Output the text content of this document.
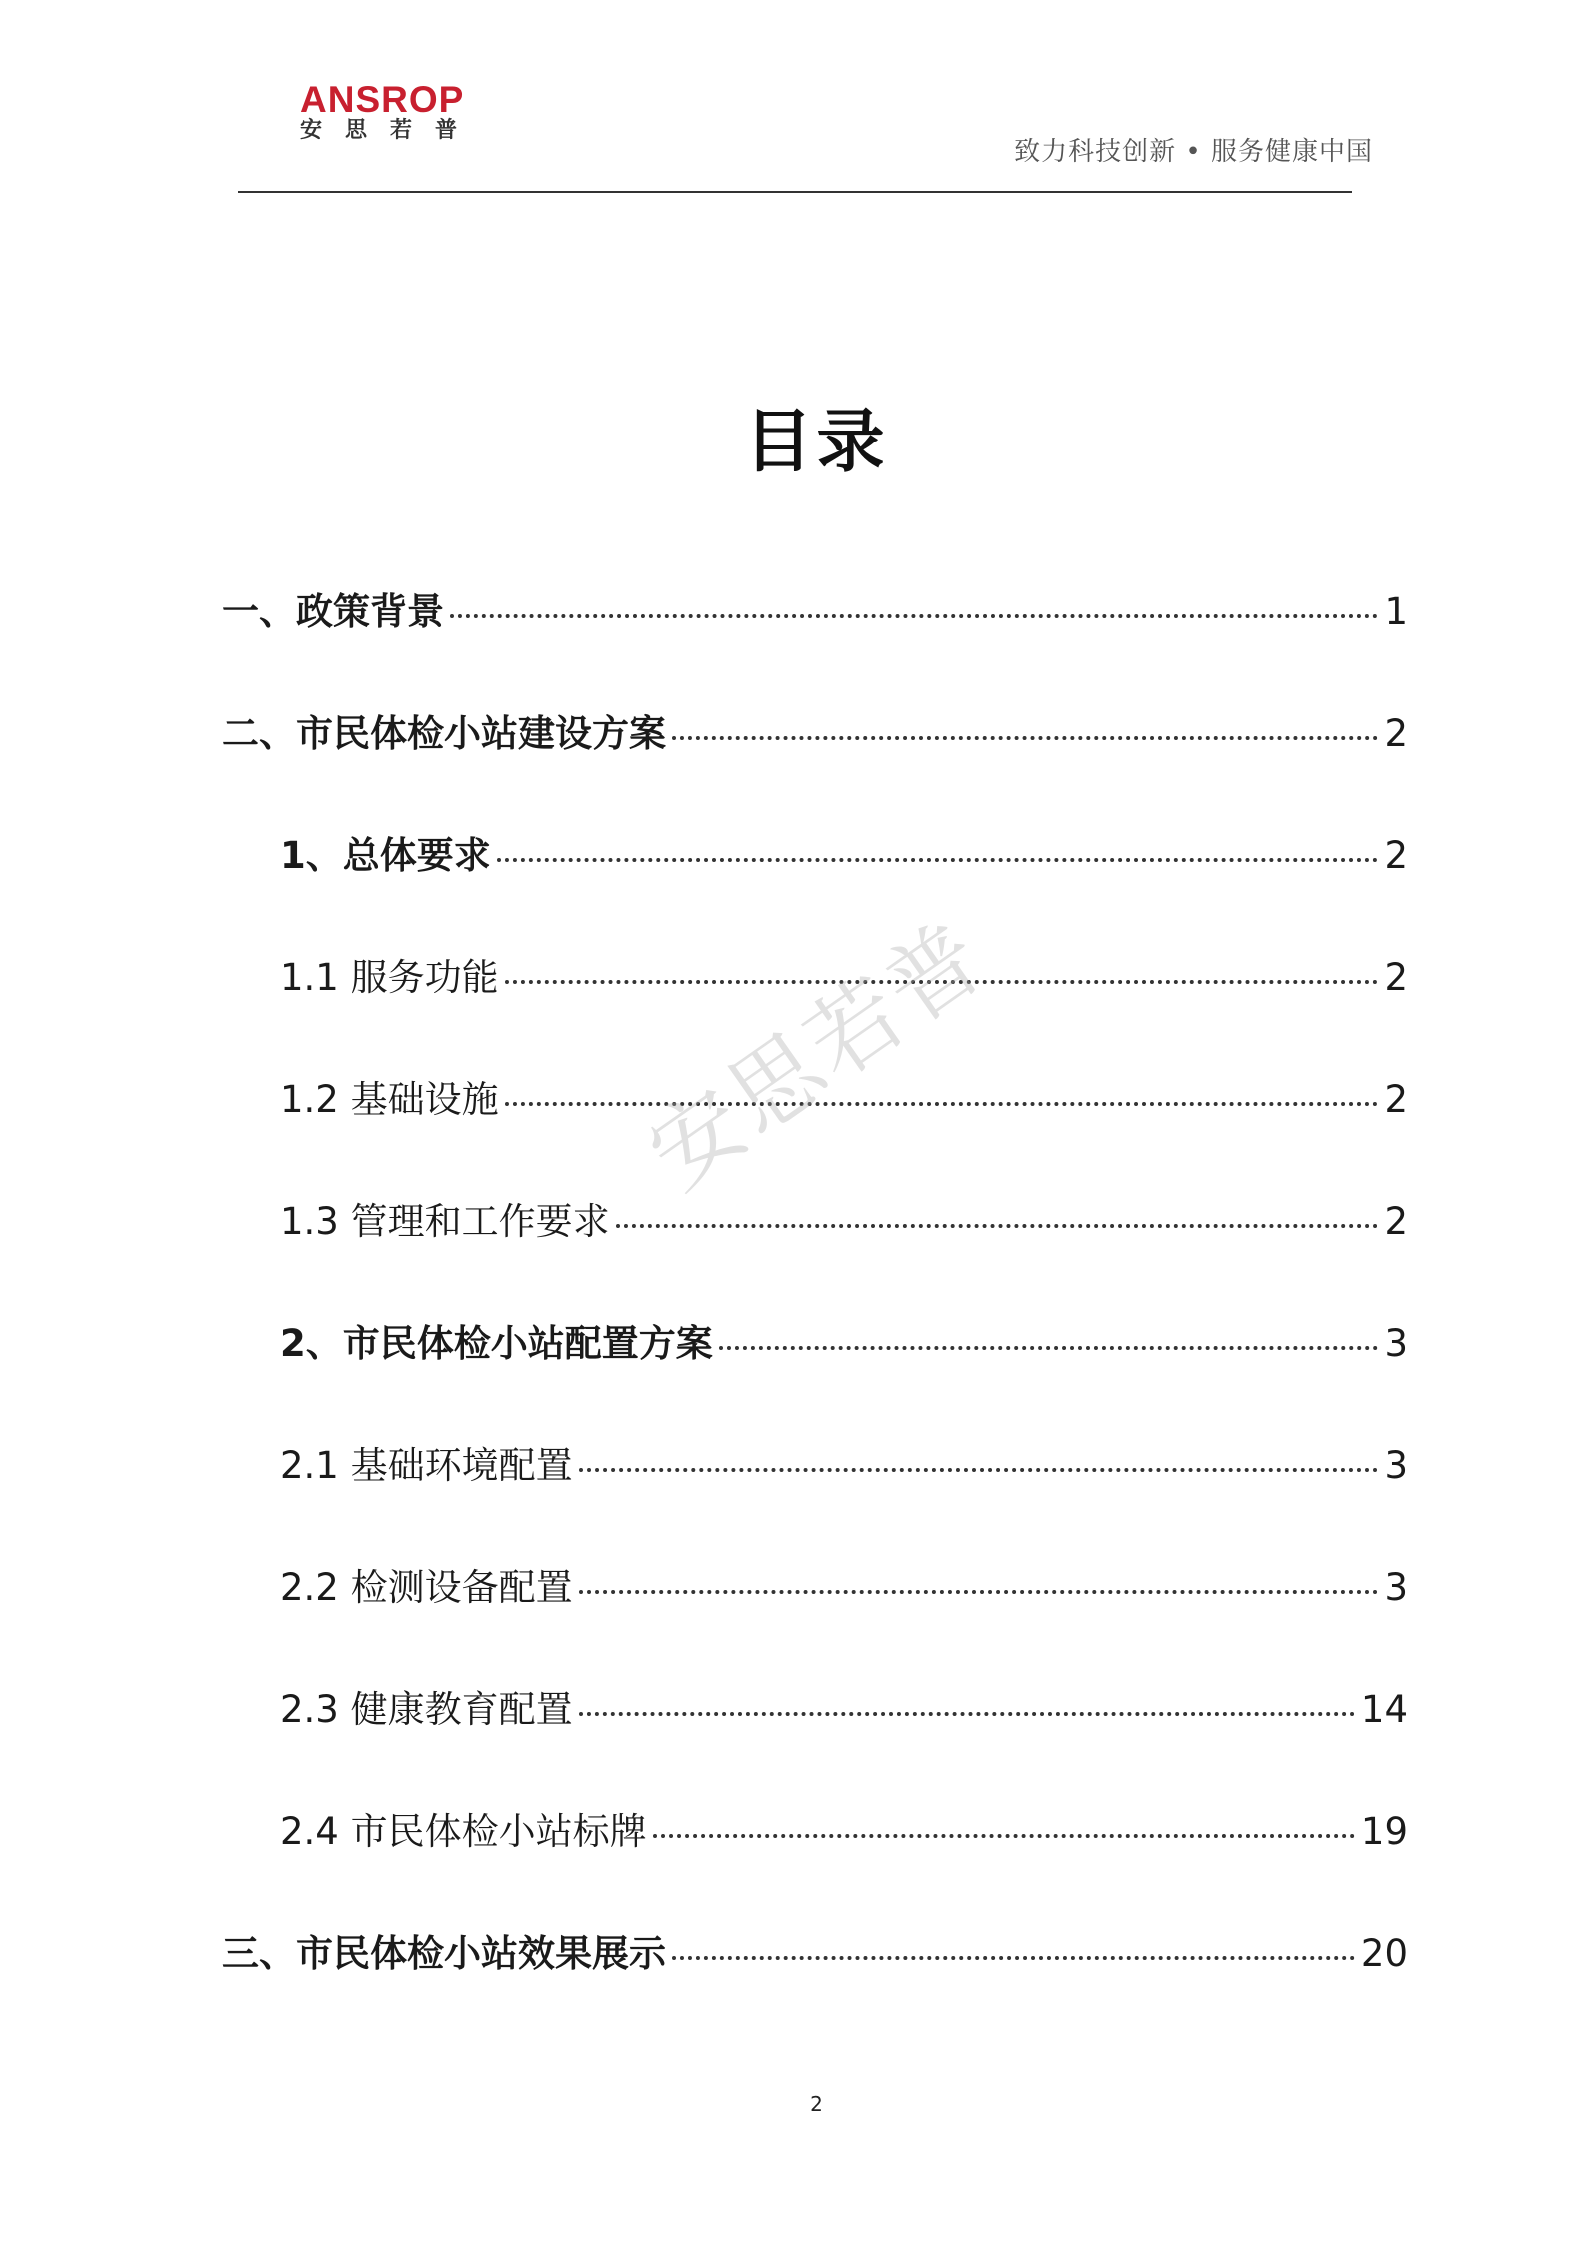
ANSROP
安思若普
致力科技创新 • 服务健康中国
目录
一、政策背景	1
二、市民体检小站建设方案	2
1、总体要求	2
1.1 服务功能	2
1.2 基础设施	2
1.3 管理和工作要求	2
2、市民体检小站配置方案	3
2.1 基础环境配置	3
2.2 检测设备配置	3
2.3 健康教育配置	14
2.4 市民体检小站标牌	19
三、市民体检小站效果展示	20
安思若普
2
